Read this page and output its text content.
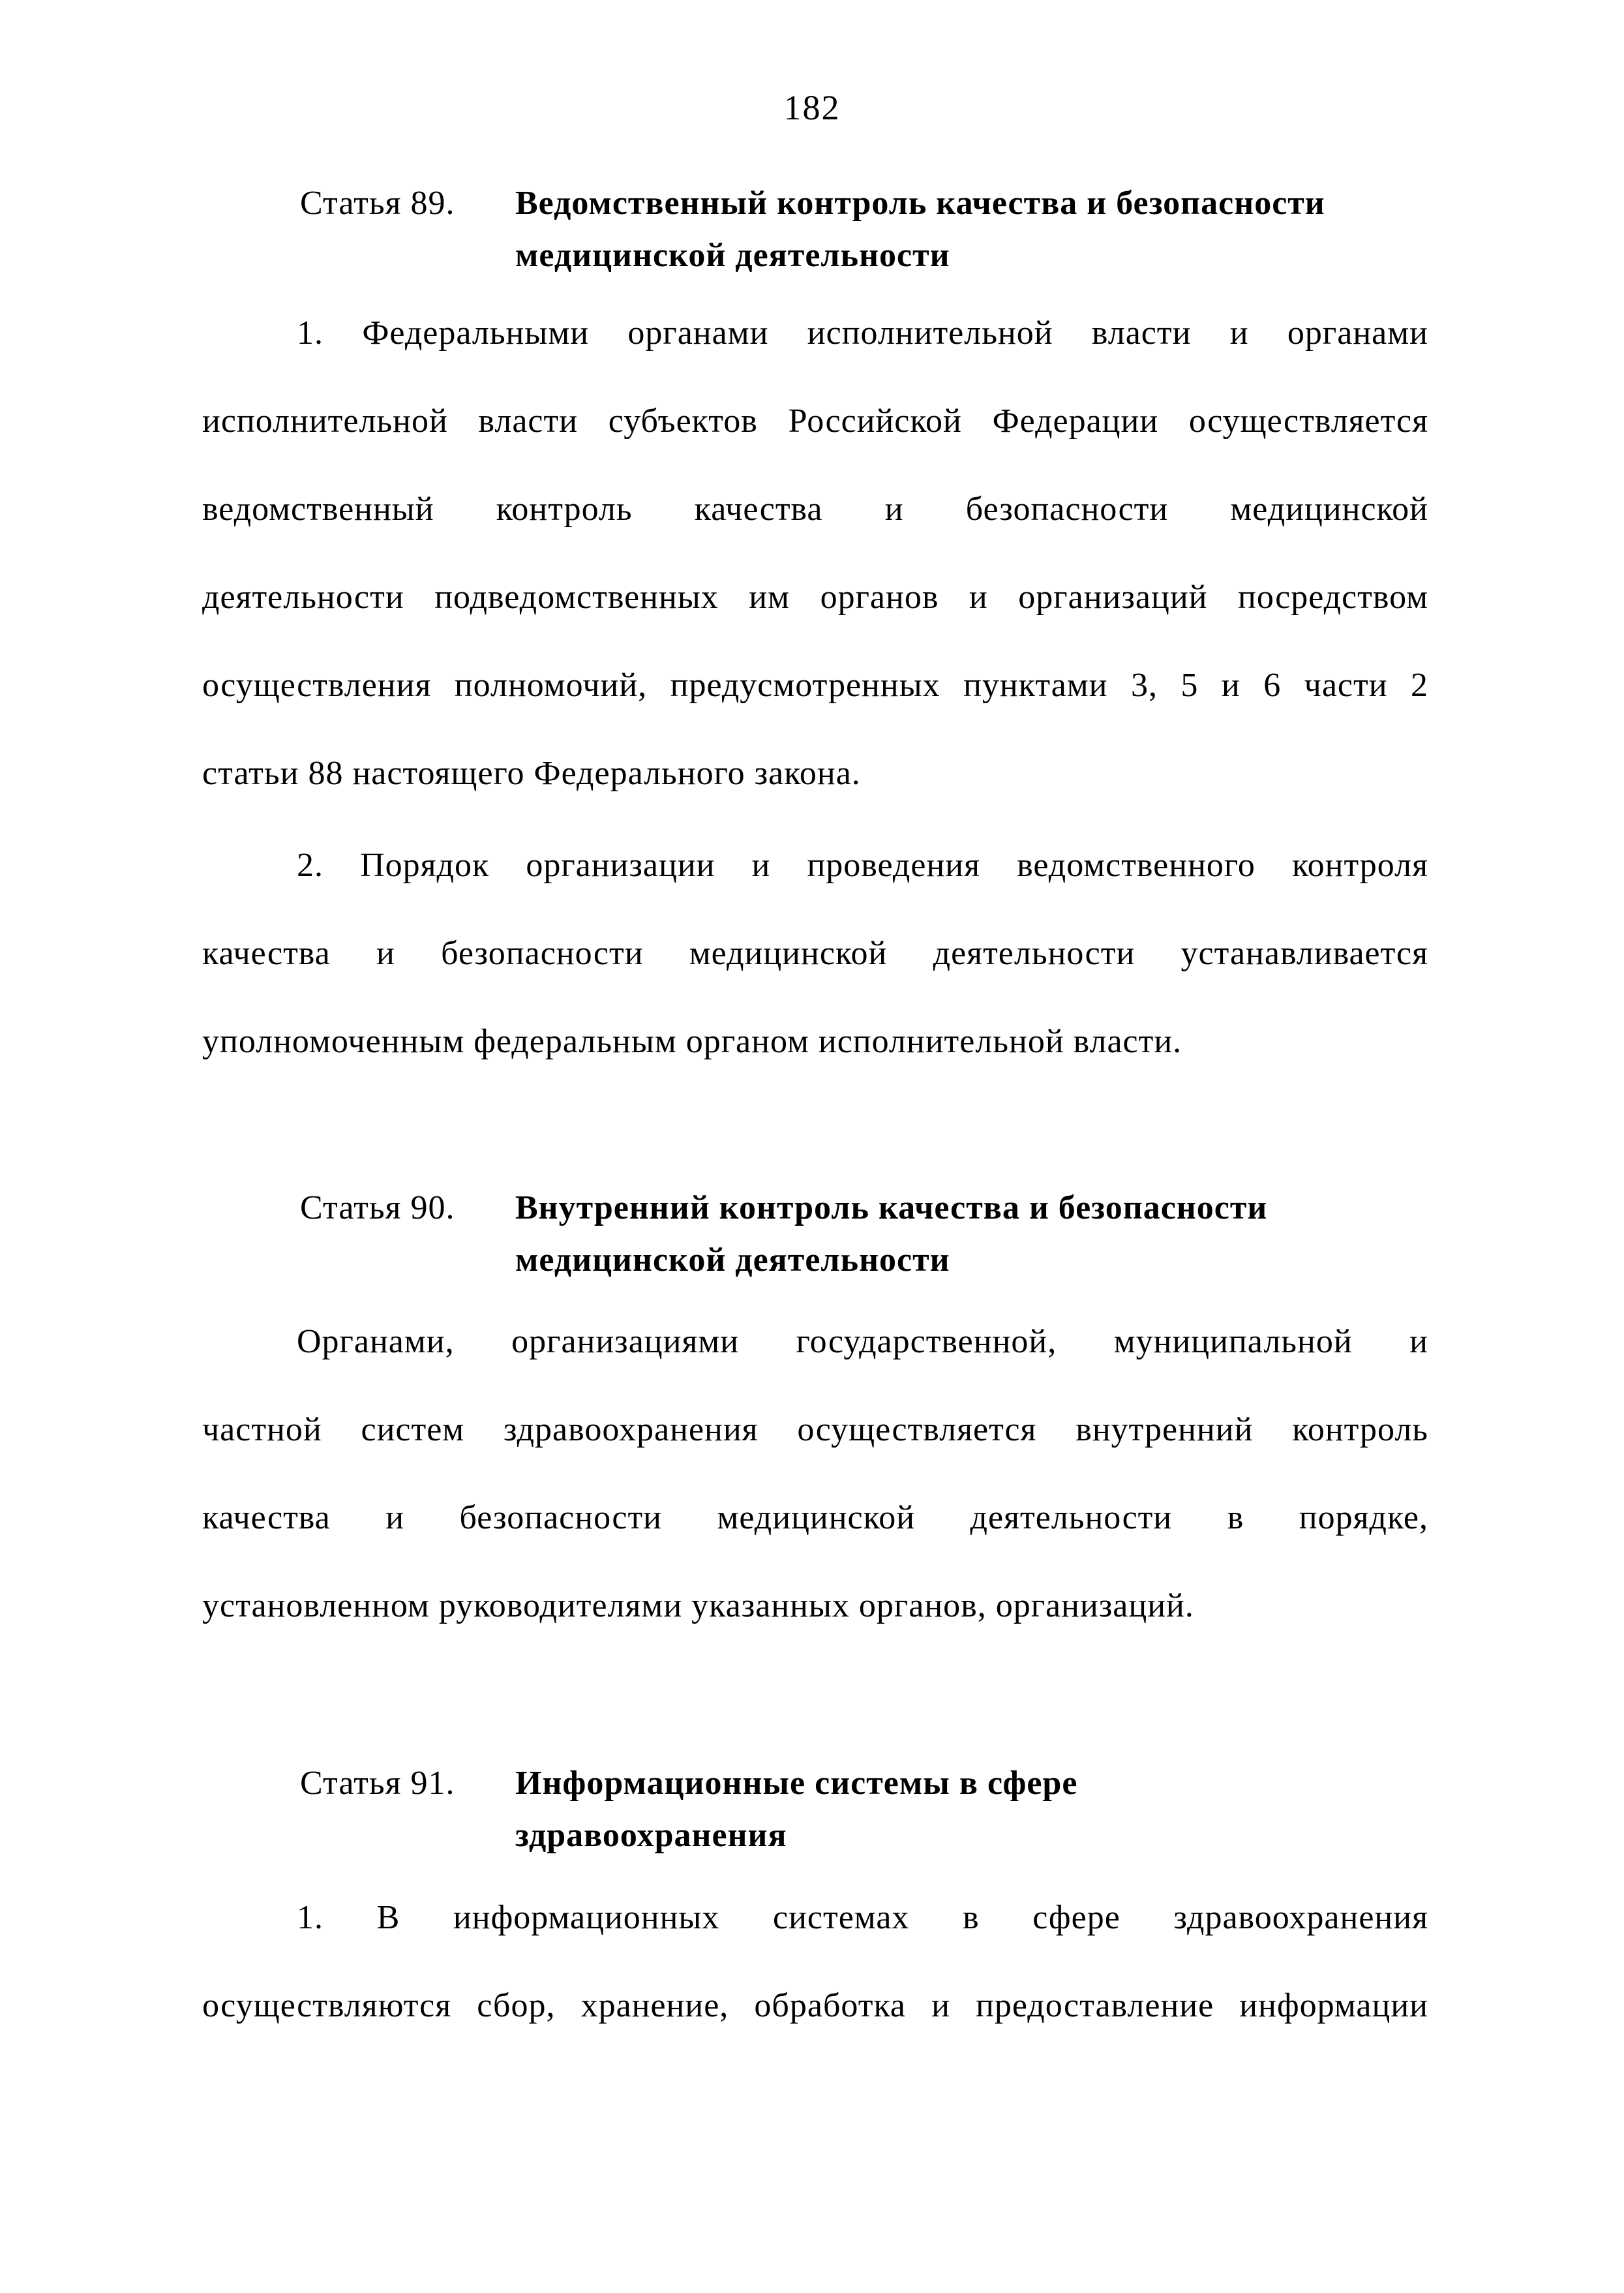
182
Статья 89. Ведомственный контроль качества и безопасности
медицинской деятельности
1. Федеральными органами исполнительной власти и органами
исполнительной власти субъектов Российской Федерации осуществляется
ведомственный контроль качества и безопасности медицинской
деятельности подведомственных им органов и организаций посредством
осуществления полномочий, предусмотренных пунктами 3, 5 и 6 части 2
статьи 88 настоящего Федерального закона.
2. Порядок организации и проведения ведомственного контроля
качества и безопасности медицинской деятельности устанавливается
уполномоченным федеральным органом исполнительной власти.
Статья 90. Внутренний контроль качества и безопасности
медицинской деятельности
Органами, организациями государственной, муниципальной и
частной систем здравоохранения осуществляется внутренний контроль
качества и безопасности медицинской деятельности в порядке,
установленном руководителями указанных органов, организаций.
Статья 91. Информационные системы в сфере
здравоохранения
1. В информационных системах в сфере здравоохранения
осуществляются сбор, хранение, обработка и предоставление информации
